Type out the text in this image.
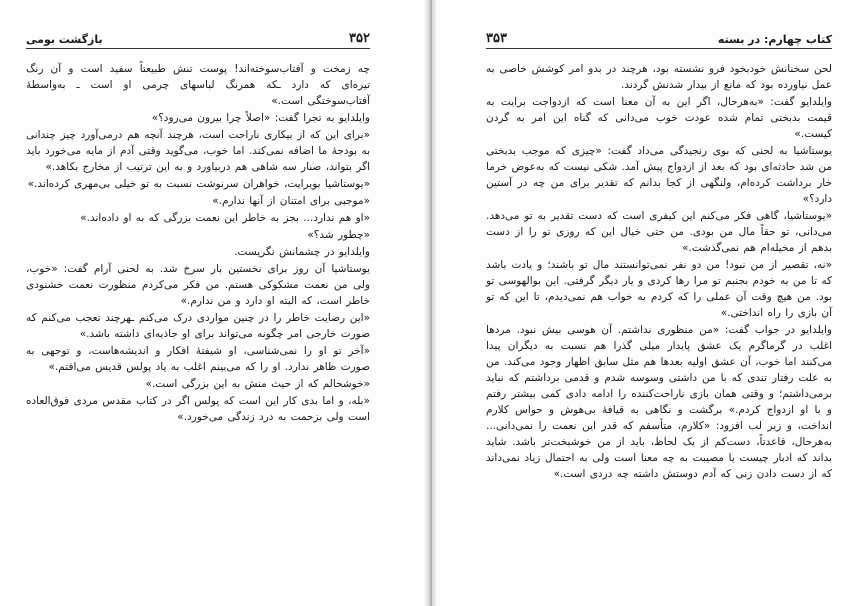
۳۵۲
بازگشت بومی

چه زمخت و آفتاب‌سوخته‌اند! پوست تنش طبیعتاً سفید است و آن رنگ تیره‌ای که دارد ـکه همرنگ لباسهای چرمی او است ـ به‌واسطهٔ آفتاب‌سوختگی است.»

وایلدایو به تجرا گفت: «اصلاً چرا بیرون می‌رود؟»

«برای این که از بیکاری ناراحت است، هرچند آنچه هم درمی‌آورد چیز چندانی به بودجهٔ ما اضافه نمی‌کند. اما خوب، می‌گوید وقتی آدم از مایه می‌خورد باید اگر بتواند، صنار سه شاهی هم دربیاورد و به این ترتیب از مخارج بکاهد.»

«یوستاشیا بویرایت، خواهران سرنوشت نسبت به تو خیلی بی‌مهری کرده‌اند.»

«موجبی برای امتنان از آنها ندارم.»

«او هم ندارد... بجز به خاطر این نعمت بزرگی که به او داده‌اند.»

«چطور شد؟»

وایلدایو در چشمانش نگریست.

یوستاشیا آن روز برای نخستین بار سرخ شد. به لحنی آرام گفت: «خوب، ولی من نعمت مشکوکی هستم. من فکر می‌کردم منظورت نعمت خشنودی خاطر است، که البته او دارد و من ندارم.»

«این رضایت خاطر را در چنین مواردی درک می‌کنم ـهرچند تعجب می‌کنم که صورت خارجی امر چگونه می‌تواند برای او جاذبه‌ای داشته باشد.»

«آخر تو او را نمی‌شناسی، او شیفتهٔ افکار و اندیشه‌هاست، و توجهی به صورت ظاهر ندارد. او را که می‌بینم اغلب به یاد پولس قدیس می‌افتم.»

«خوشحالم که از حیث منش به این بزرگی است.»

«بله، و اما بدی کار این است که پولس اگر در کتاب مقدس مردی فوق‌العاده است ولی بزحمت به درد زندگی می‌خورد.»

کتاب چهارم: در بسته
۳۵۳

لحن سخنانش خودبخود فرو نشسته بود، هرچند در بدو امر کوشش خاصی به عمل نیاورده بود که مانع از بیدار شدنش گردند.

وایلدایو گفت: «به‌هرحال، اگر این به آن معنا است که ازدواجت برایت به قیمت بدبختی تمام شده عودت خوب می‌دانی که گناه این امر به گردن کیست.»

یوستاشیا به لحنی که بوی رنجیدگی می‌داد گفت: «چیزی که موجب بدبختی من شد حادثه‌ای بود که بعد از ازدواج پیش آمد. شکی نیست که به‌عوض خرما خار برداشت کرده‌ام، ولنگهی از کجا بدانم که تقدیر برای من چه در آستین دارد؟»

«یوستاشیا، گاهی فکر می‌کنم این کیفری است که دست تقدیر به تو می‌دهد. می‌دانی، تو حقاً مال من بودی. من حتی خیال این که روزی تو را از دست بدهم از مخیله‌ام هم نمی‌گذشت.»

«نه، تقصیر از من نبود! من دو نفر نمی‌توانستند مال تو باشند؛ و یادت باشد که تا من به خودم بجنبم تو مرا رها کردی و یار دیگر گرفتی. این بوالهوسی تو بود. من هیچ وقت آن عملی را که کردم به خواب هم نمی‌دیدم، تا این که تو آن بازی را راه انداختی.»

وایلدایو در جواب گفت: «من منظوری نداشتم. آن هوسی بیش نبود. مردها اغلب در گرماگرم یک عشق پایدار میلی گذرا هم نسبت به دیگران پیدا می‌کنند اما خوب، آن عشق اولیه بعدها هم مثل سابق اظهار وجود می‌کند. من به علت رفتار تندی که با من داشتی وسوسه شدم و قدمی برداشتم که نباید برمی‌داشتم؛ و وقتی همان بازی ناراحت‌کننده را ادامه دادی کمی بیشتر رفتم و با او ازدواج کردم.» برگشت و نگاهی به قیافهٔ بی‌هوش و حواس کلارم انداخت، و زیر لب افزود: «کلارم، متأسفم که قدر این نعمت را نمی‌دانی... به‌هرحال، قاعدتاً، دست‌کم از یک لحاظ، باید از من خوشبخت‌تر باشد. شاید بداند که ادبار چیست یا مصیبت به چه معنا است ولی به احتمال زیاد نمی‌داند که از دست دادن زنی که آدم دوستش داشته چه دردی است.»
